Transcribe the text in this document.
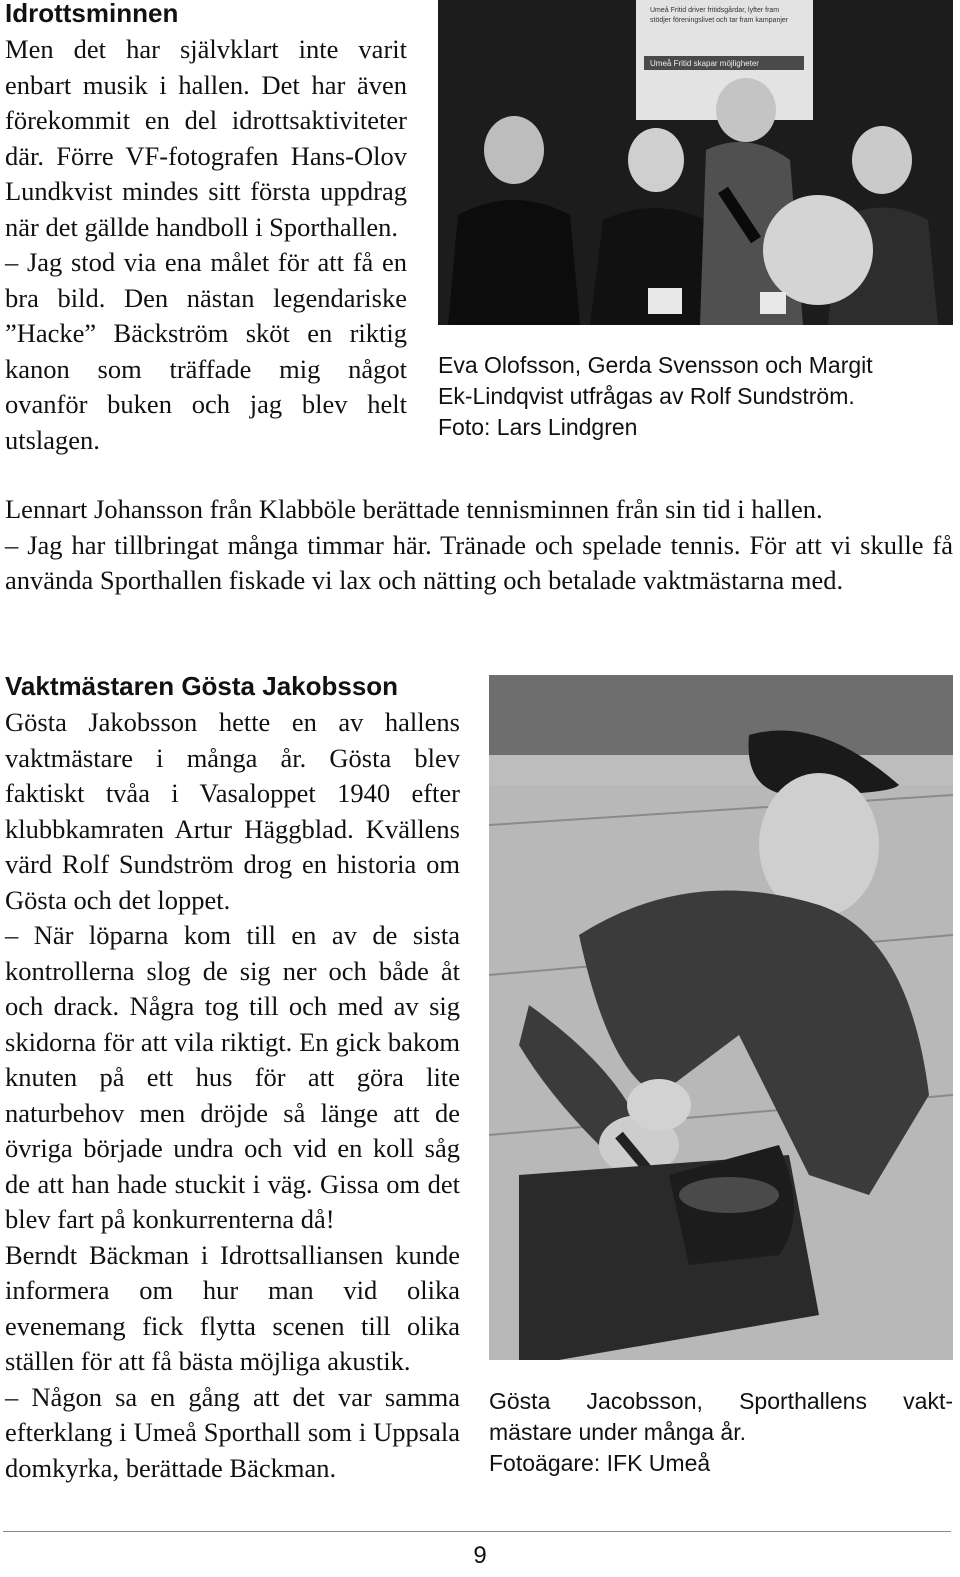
Idrottsminnen

Men det har självklart inte varit enbart musik i hallen. Det har även förekommit en del idrottsaktiviteter där. Förre VF-fotografen Hans-Olov Lundkvist mindes sitt första uppdrag när det gällde handboll i Sporthallen.

– Jag stod via ena målet för att få en bra bild. Den nästan legendariske ”Hacke” Bäckström sköt en riktig kanon som träffade mig något ovanför buken och jag blev helt utslagen.

Umeå Fritid driver fritidsgårdar, lyfter fram
stödjer föreningslivet och tar fram kampanjer
Umeå Fritid skapar möjligheter

Eva Olofsson, Gerda Svensson och Margit

Ek-Lindqvist utfrågas av Rolf Sundström.

Foto: Lars Lindgren

Lennart Johansson från Klabböle berättade tennisminnen från sin tid i hallen.

– Jag har tillbringat många timmar här. Tränade och spelade tennis. För att vi skulle få använda Sporthallen fiskade vi lax och nätting och betalade vaktmästarna med.

Vaktmästaren Gösta Jakobsson

Gösta Jakobsson hette en av hallens vaktmästare i många år. Gösta blev faktiskt tvåa i Vasaloppet 1940 efter klubbkamraten Artur Häggblad. Kvällens värd Rolf Sundström drog en historia om Gösta och det loppet.

– När löparna kom till en av de sista kontrollerna slog de sig ner och både åt och drack. Några tog till och med av sig skidorna för att vila riktigt. En gick bakom knuten på ett hus för att göra lite naturbehov men dröjde så länge att de övriga började undra och vid en koll såg de att han hade stuckit i väg. Gissa om det blev fart på konkurrenterna då!

Berndt Bäckman i Idrottsalliansen kunde informera om hur man vid olika evenemang fick flytta scenen till olika ställen för att få bästa möjliga akustik.

– Någon sa en gång att det var samma efterklang i Umeå Sporthall som i Uppsala domkyrka, berättade Bäckman.

Gösta Jacobsson, Sporthallens vakt-

mästare under många år.

Fotoägare: IFK Umeå

9
